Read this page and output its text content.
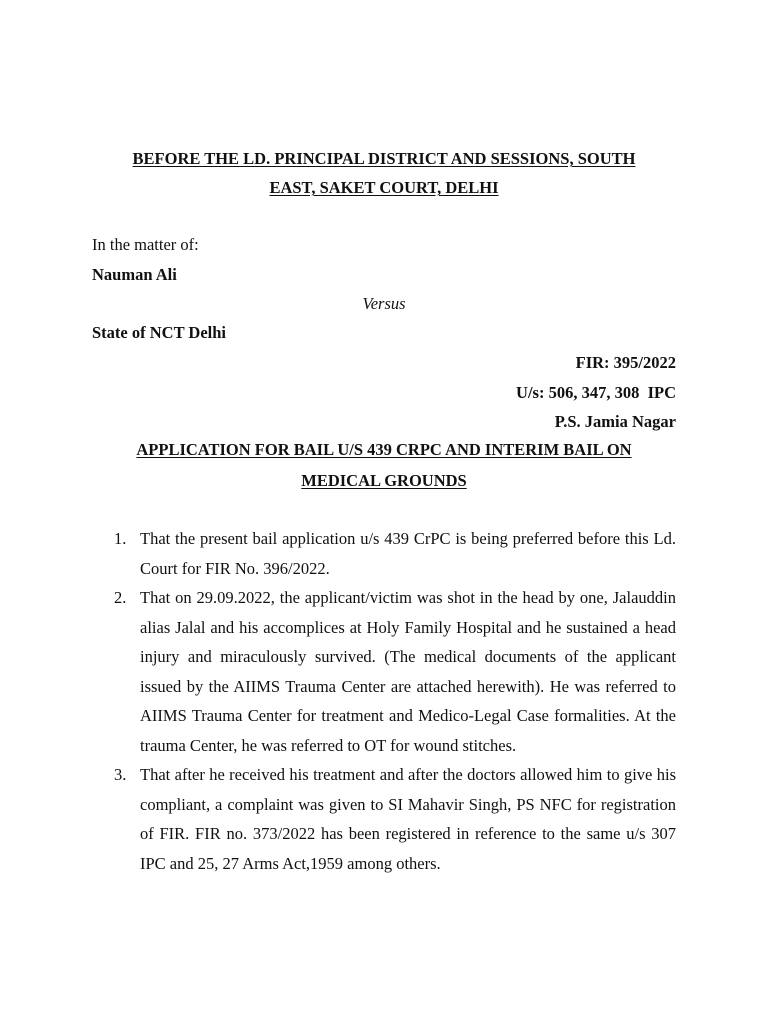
BEFORE THE LD. PRINCIPAL DISTRICT AND SESSIONS, SOUTH
EAST, SAKET COURT, DELHI
In the matter of:
Nauman Ali
Versus
State of NCT Delhi
FIR: 395/2022
U/s: 506, 347, 308  IPC
P.S. Jamia Nagar
APPLICATION FOR BAIL U/S 439 CRPC AND INTERIM BAIL ON
MEDICAL GROUNDS
1. That the present bail application u/s 439 CrPC is being preferred before this Ld. Court for FIR No. 396/2022.
2. That on 29.09.2022, the applicant/victim was shot in the head by one, Jalauddin alias Jalal and his accomplices at Holy Family Hospital and he sustained a head injury and miraculously survived. (The medical documents of the applicant issued by the AIIMS Trauma Center are attached herewith). He was referred to AIIMS Trauma Center for treatment and Medico-Legal Case formalities. At the trauma Center, he was referred to OT for wound stitches.
3. That after he received his treatment and after the doctors allowed him to give his compliant, a complaint was given to SI Mahavir Singh, PS NFC for registration of FIR. FIR no. 373/2022 has been registered in reference to the same u/s 307 IPC and 25, 27 Arms Act,1959 among others.
